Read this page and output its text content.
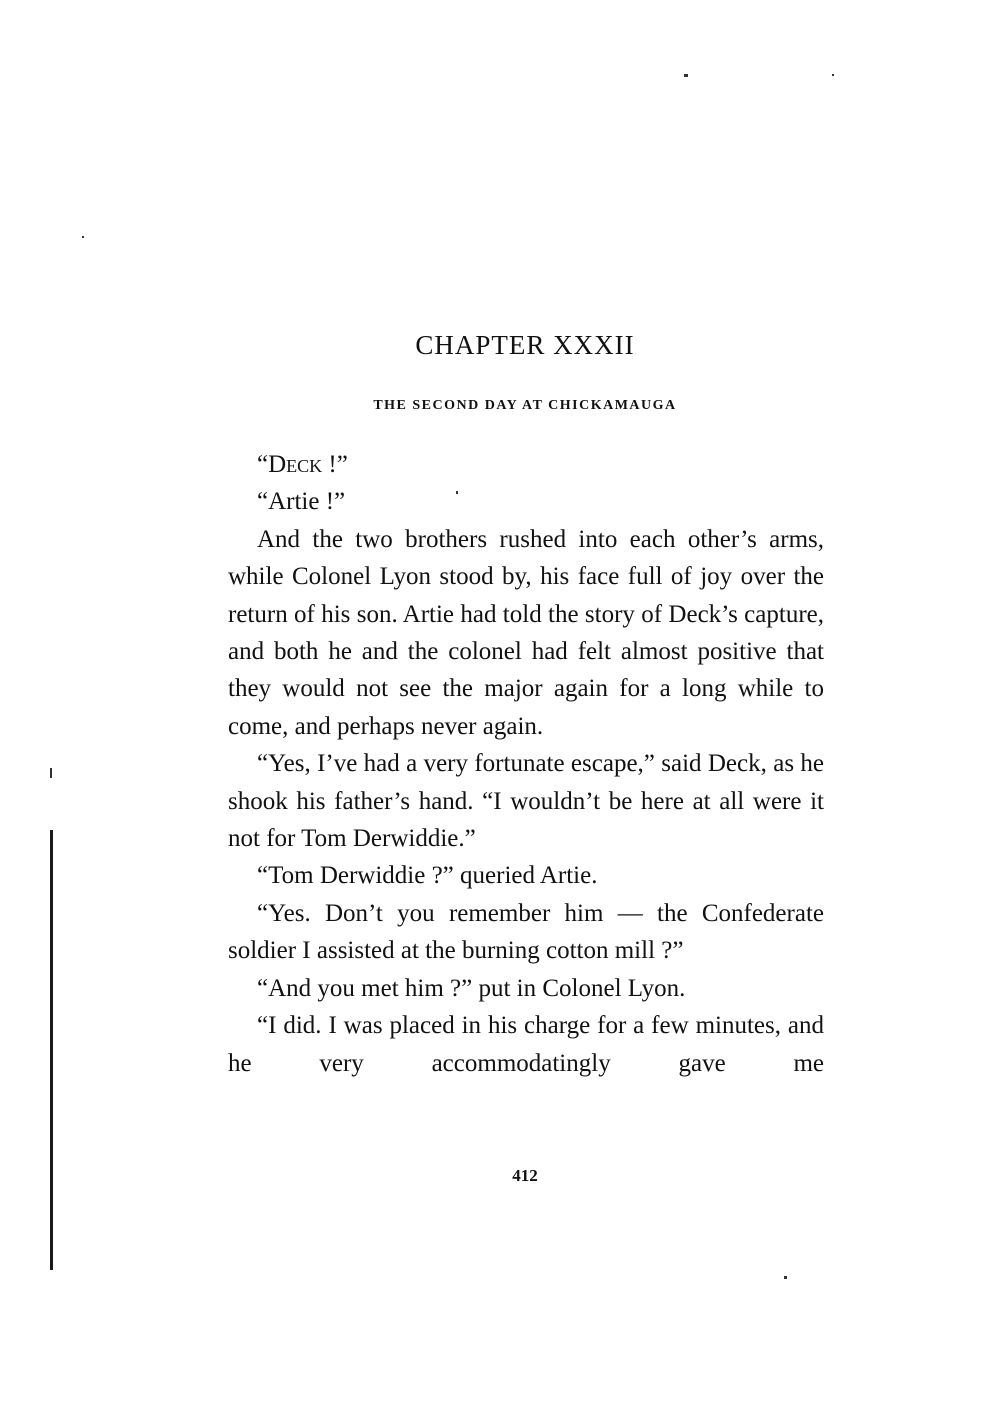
CHAPTER XXXII
THE SECOND DAY AT CHICKAMAUGA

“Deck !”

“Artie !”

And the two brothers rushed into each other’s arms, while Colonel Lyon stood by, his face full of joy over the return of his son. Artie had told the story of Deck’s capture, and both he and the colonel had felt almost positive that they would not see the major again for a long while to come, and perhaps never again.

“Yes, I’ve had a very fortunate escape,” said Deck, as he shook his father’s hand. “I wouldn’t be here at all were it not for Tom Derwiddie.”

“Tom Derwiddie ?” queried Artie.

“Yes. Don’t you remember him — the Confederate soldier I assisted at the burning cotton mill ?”

“And you met him ?” put in Colonel Lyon.

“I did. I was placed in his charge for a few minutes, and he very accommodatingly gave me

412
